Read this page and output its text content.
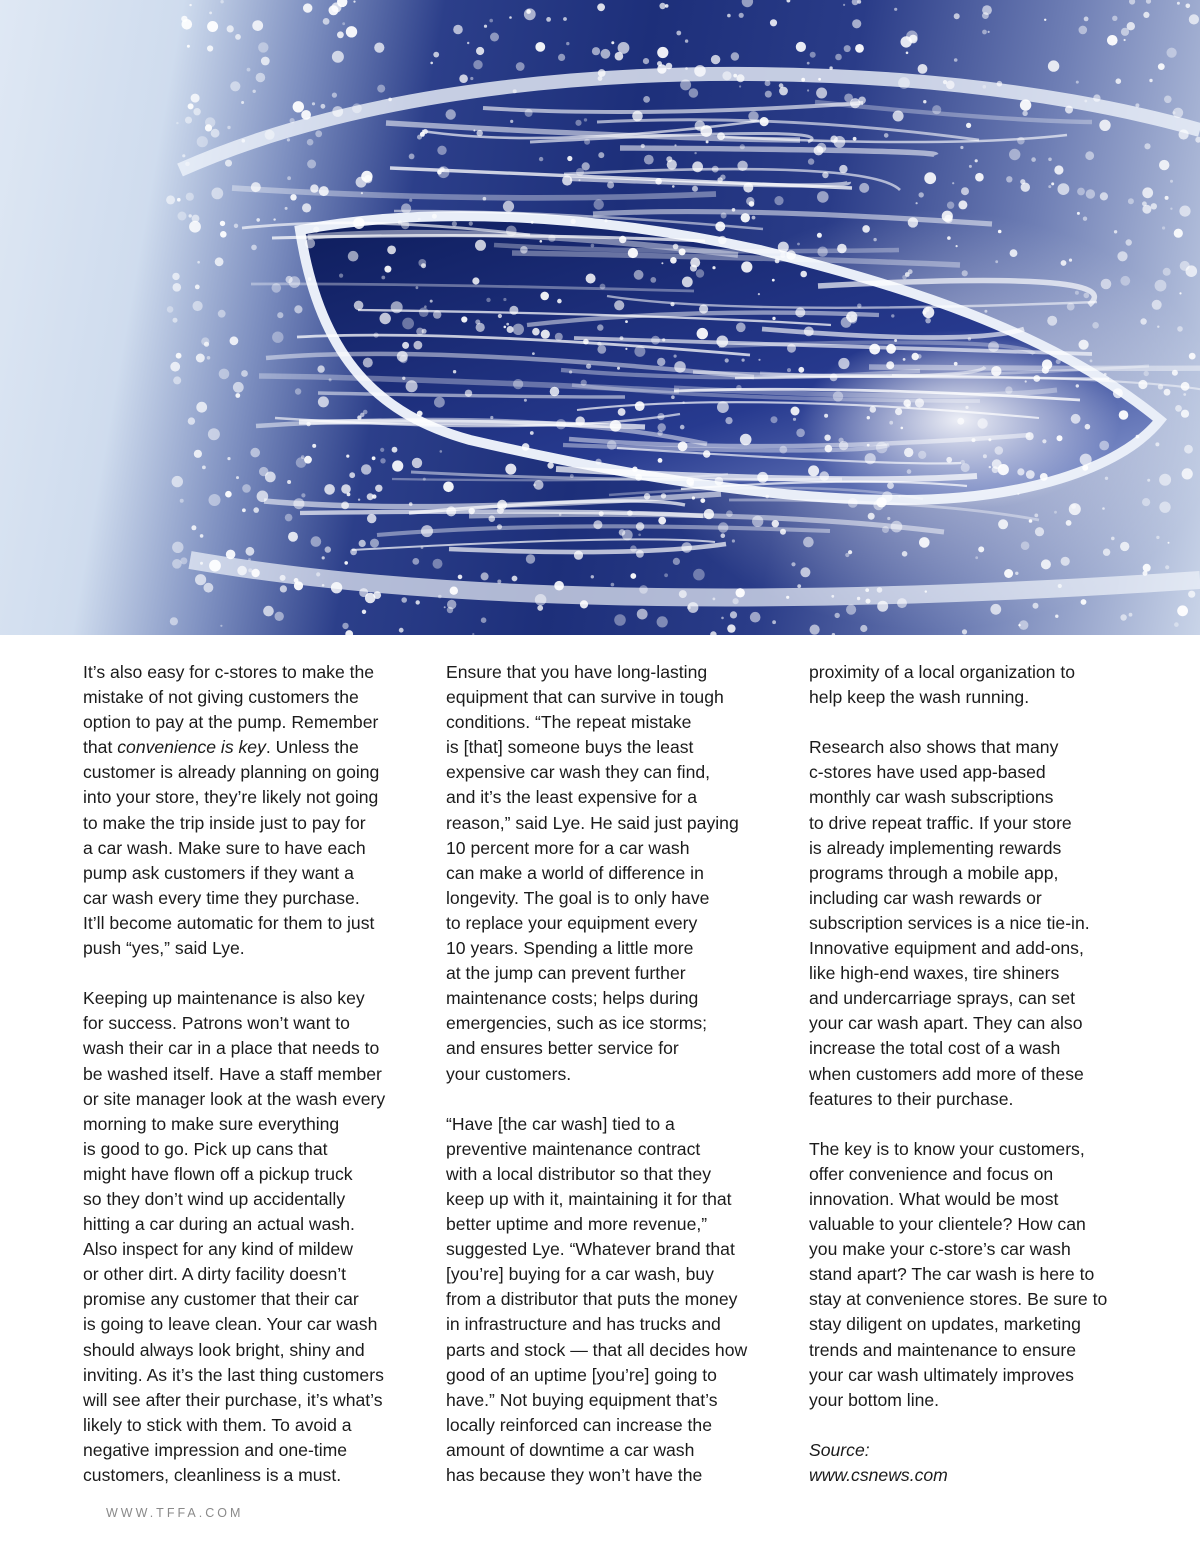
It’s also easy for c-stores to make the
mistake of not giving customers the
option to pay at the pump. Remember
that convenience is key. Unless the
customer is already planning on going
into your store, they’re likely not going
to make the trip inside just to pay for
a car wash. Make sure to have each
pump ask customers if they want a
car wash every time they purchase.
It’ll become automatic for them to just
push “yes,” said Lye.

Keeping up maintenance is also key
for success. Patrons won’t want to
wash their car in a place that needs to
be washed itself. Have a staff member
or site manager look at the wash every
morning to make sure everything
is good to go. Pick up cans that
might have flown off a pickup truck
so they don’t wind up accidentally
hitting a car during an actual wash.
Also inspect for any kind of mildew
or other dirt. A dirty facility doesn’t
promise any customer that their car
is going to leave clean. Your car wash
should always look bright, shiny and
inviting. As it’s the last thing customers
will see after their purchase, it’s what’s
likely to stick with them. To avoid a
negative impression and one-time
customers, cleanliness is a must.

Ensure that you have long-lasting
equipment that can survive in tough
conditions. “The repeat mistake
is [that] someone buys the least
expensive car wash they can find,
and it’s the least expensive for a
reason,” said Lye. He said just paying
10 percent more for a car wash
can make a world of difference in
longevity. The goal is to only have
to replace your equipment every
10 years. Spending a little more
at the jump can prevent further
maintenance costs; helps during
emergencies, such as ice storms;
and ensures better service for
your customers.

“Have [the car wash] tied to a
preventive maintenance contract
with a local distributor so that they
keep up with it, maintaining it for that
better uptime and more revenue,”
suggested Lye. “Whatever brand that
[you’re] buying for a car wash, buy
from a distributor that puts the money
in infrastructure and has trucks and
parts and stock — that all decides how
good of an uptime [you’re] going to
have.” Not buying equipment that’s
locally reinforced can increase the
amount of downtime a car wash
has because they won’t have the

proximity of a local organization to
help keep the wash running.

Research also shows that many
c-stores have used app-based
monthly car wash subscriptions
to drive repeat traffic. If your store
is already implementing rewards
programs through a mobile app,
including car wash rewards or
subscription services is a nice tie-in.
Innovative equipment and add-ons,
like high-end waxes, tire shiners
and undercarriage sprays, can set
your car wash apart. They can also
increase the total cost of a wash
when customers add more of these
features to their purchase.

The key is to know your customers,
offer convenience and focus on
innovation. What would be most
valuable to your clientele? How can
you make your c-store’s car wash
stand apart? The car wash is here to
stay at convenience stores. Be sure to
stay diligent on updates, marketing
trends and maintenance to ensure
your car wash ultimately improves
your bottom line.

Source:
www.csnews.com

WWW.TFFA.COM
